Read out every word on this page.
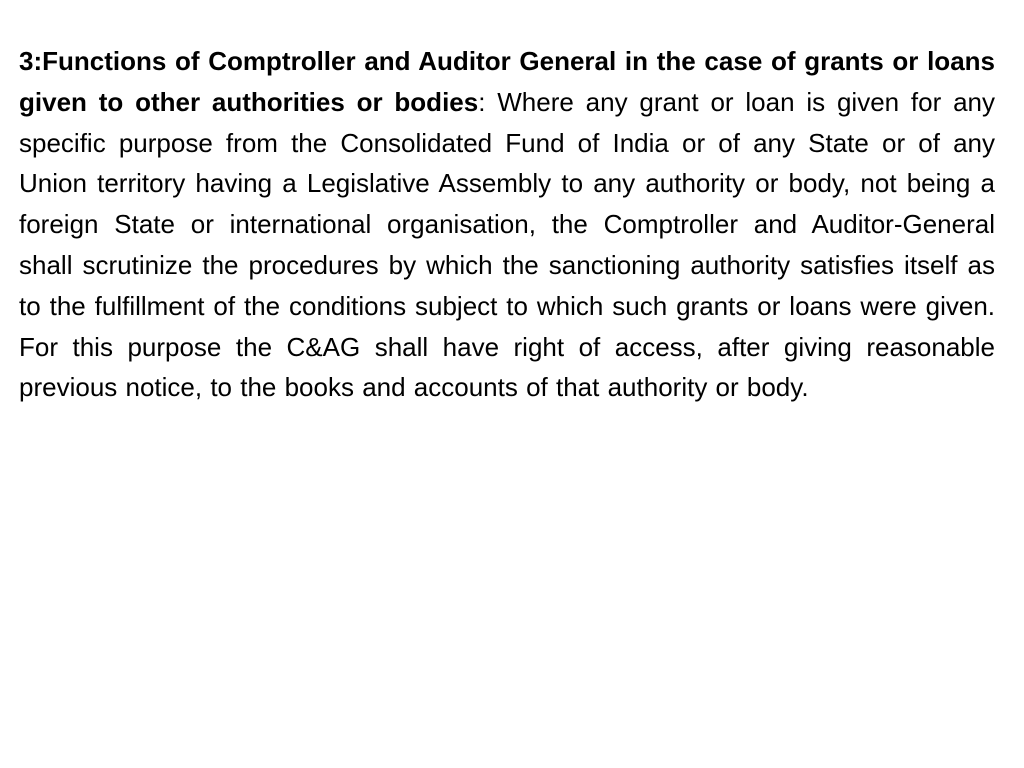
3:Functions of Comptroller and Auditor General in the case of grants or loans given to other authorities or bodies: Where any grant or loan is given for any specific purpose from the Consolidated Fund of India or of any State or of any Union territory having a Legislative Assembly to any authority or body, not being a foreign State or international organisation, the Comptroller and Auditor-General shall scrutinize the procedures by which the sanctioning authority satisfies itself as to the fulfillment of the conditions subject to which such grants or loans were given. For this purpose the C&AG shall have right of access, after giving reasonable previous notice, to the books and accounts of that authority or body.
